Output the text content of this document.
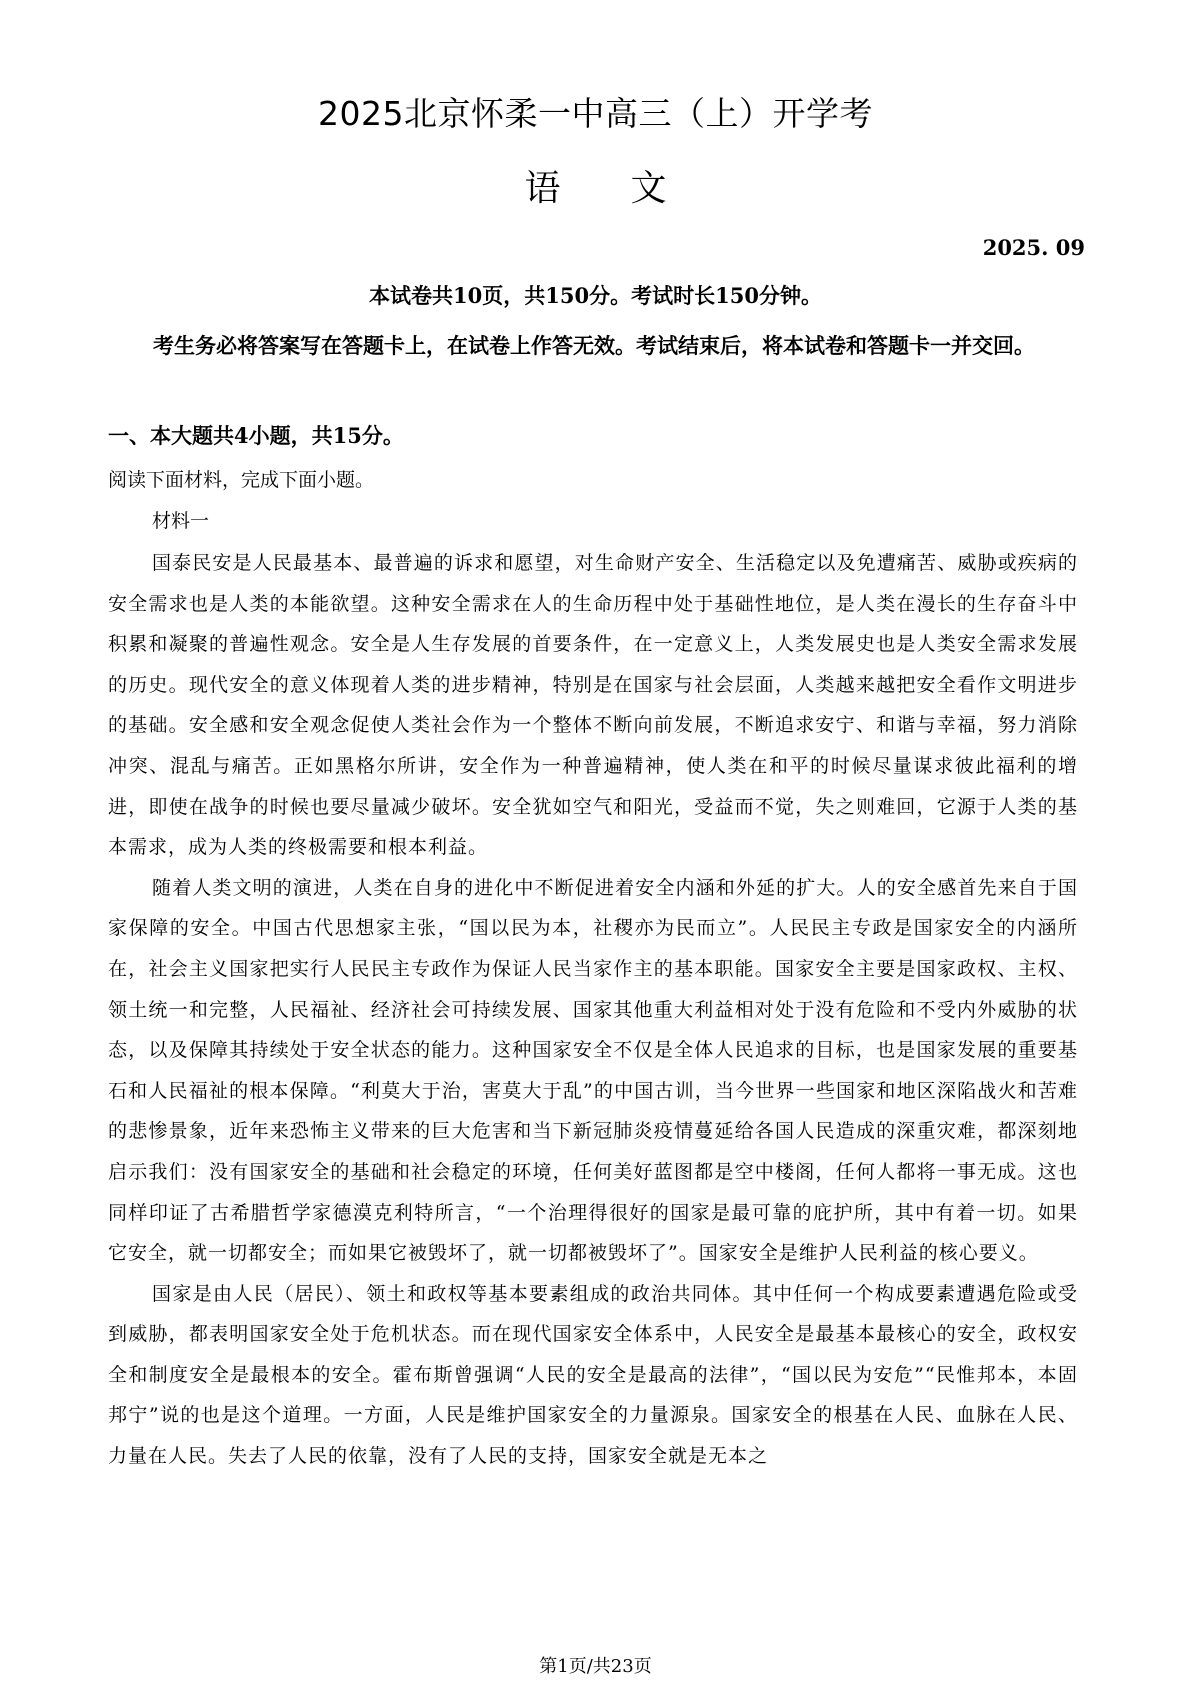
2025北京怀柔一中高三（上）开学考
语文
2025. 09
本试卷共10页，共150分。考试时长150分钟。

考生务必将答案写在答题卡上，在试卷上作答无效。考试结束后，将本试卷和答题卡一并交回。

一、本大题共4小题，共15分。

阅读下面材料，完成下面小题。

材料一

国泰民安是人民最基本、最普遍的诉求和愿望，对生命财产安全、生活稳定以及免遭痛苦、威胁或疾病的安全需求也是人类的本能欲望。这种安全需求在人的生命历程中处于基础性地位，是人类在漫长的生存奋斗中积累和凝聚的普遍性观念。安全是人生存发展的首要条件，在一定意义上，人类发展史也是人类安全需求发展的历史。现代安全的意义体现着人类的进步精神，特别是在国家与社会层面，人类越来越把安全看作文明进步的基础。安全感和安全观念促使人类社会作为一个整体不断向前发展，不断追求安宁、和谐与幸福，努力消除冲突、混乱与痛苦。正如黑格尔所讲，安全作为一种普遍精神，使人类在和平的时候尽量谋求彼此福利的增进，即使在战争的时候也要尽量减少破坏。安全犹如空气和阳光，受益而不觉，失之则难回，它源于人类的基本需求，成为人类的终极需要和根本利益。

随着人类文明的演进，人类在自身的进化中不断促进着安全内涵和外延的扩大。人的安全感首先来自于国家保障的安全。中国古代思想家主张，“国以民为本，社稷亦为民而立”。人民民主专政是国家安全的内涵所在，社会主义国家把实行人民民主专政作为保证人民当家作主的基本职能。国家安全主要是国家政权、主权、领土统一和完整，人民福祉、经济社会可持续发展、国家其他重大利益相对处于没有危险和不受内外威胁的状态，以及保障其持续处于安全状态的能力。这种国家安全不仅是全体人民追求的目标，也是国家发展的重要基石和人民福祉的根本保障。“利莫大于治，害莫大于乱”的中国古训，当今世界一些国家和地区深陷战火和苦难的悲惨景象，近年来恐怖主义带来的巨大危害和当下新冠肺炎疫情蔓延给各国人民造成的深重灾难，都深刻地启示我们：没有国家安全的基础和社会稳定的环境，任何美好蓝图都是空中楼阁，任何人都将一事无成。这也同样印证了古希腊哲学家德漠克利特所言，“一个治理得很好的国家是最可靠的庇护所，其中有着一切。如果它安全，就一切都安全；而如果它被毁坏了，就一切都被毁坏了”。国家安全是维护人民利益的核心要义。

国家是由人民（居民）、领土和政权等基本要素组成的政治共同体。其中任何一个构成要素遭遇危险或受到威胁，都表明国家安全处于危机状态。而在现代国家安全体系中，人民安全是最基本最核心的安全，政权安全和制度安全是最根本的安全。霍布斯曾强调“人民的安全是最高的法律”，“国以民为安危”“民惟邦本，本固邦宁”说的也是这个道理。一方面，人民是维护国家安全的力量源泉。国家安全的根基在人民、血脉在人民、力量在人民。失去了人民的依靠，没有了人民的支持，国家安全就是无本之

第1页/共23页
